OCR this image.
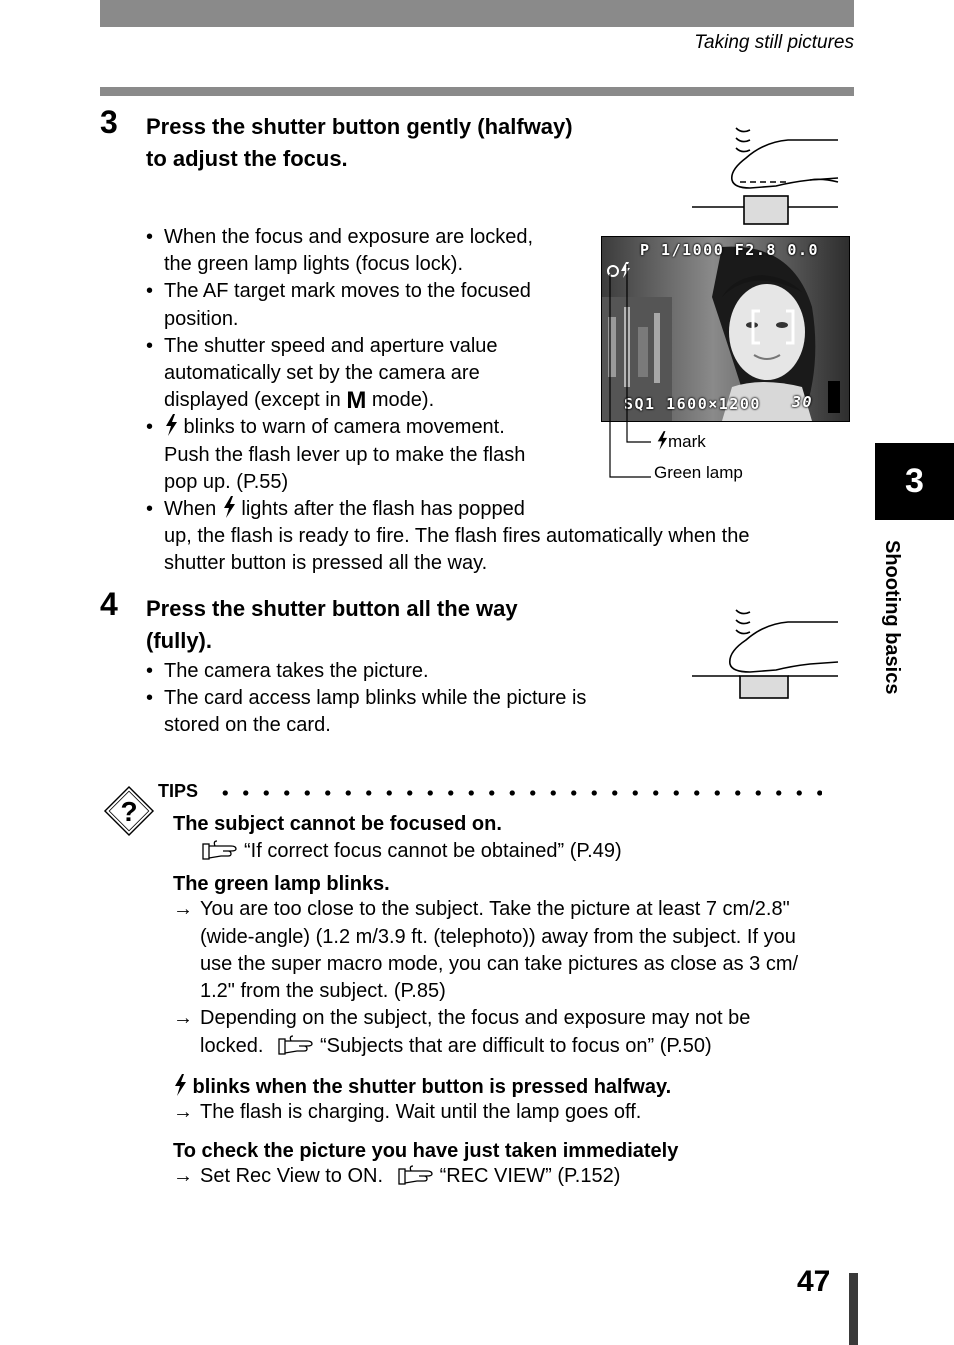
Taking still pictures
3 Press the shutter button gently (halfway)
to adjust the focus.
• When the focus and exposure are locked,
the green lamp lights (focus lock).
• The AF target mark moves to the focused
position.
• The shutter speed and aperture value
automatically set by the camera are
displayed (except in M mode).
• blinks to warn of camera movement.
Push the flash lever up to make the flash
pop up. (P.55)
• When  lights after the flash has popped
up, the flash is ready to fire. The flash fires automatically when the
shutter button is pressed all the way.
P 1/1000 F2.8 0.0
SQ1 1600×1200 30
mark
Green lamp
4 Press the shutter button all the way
(fully).
• The camera takes the picture.
• The card access lamp blinks while the picture is
stored on the card.
?
TIPS
The subject cannot be focused on.
“If correct focus cannot be obtained” (P.49)
The green lamp blinks.
→ You are too close to the subject. Take the picture at least 7 cm/2.8"
(wide-angle) (1.2 m/3.9 ft. (telephoto)) away from the subject. If you
use the super macro mode, you can take pictures as close as 3 cm/
1.2" from the subject. (P.85)
→ Depending on the subject, the focus and exposure may not be
locked.	“Subjects that are difficult to focus on” (P.50)
blinks when the shutter button is pressed halfway.
→ The flash is charging. Wait until the lamp goes off.
To check the picture you have just taken immediately
→ Set Rec View to ON.	“REC VIEW” (P.152)
3
Shooting basics
47
